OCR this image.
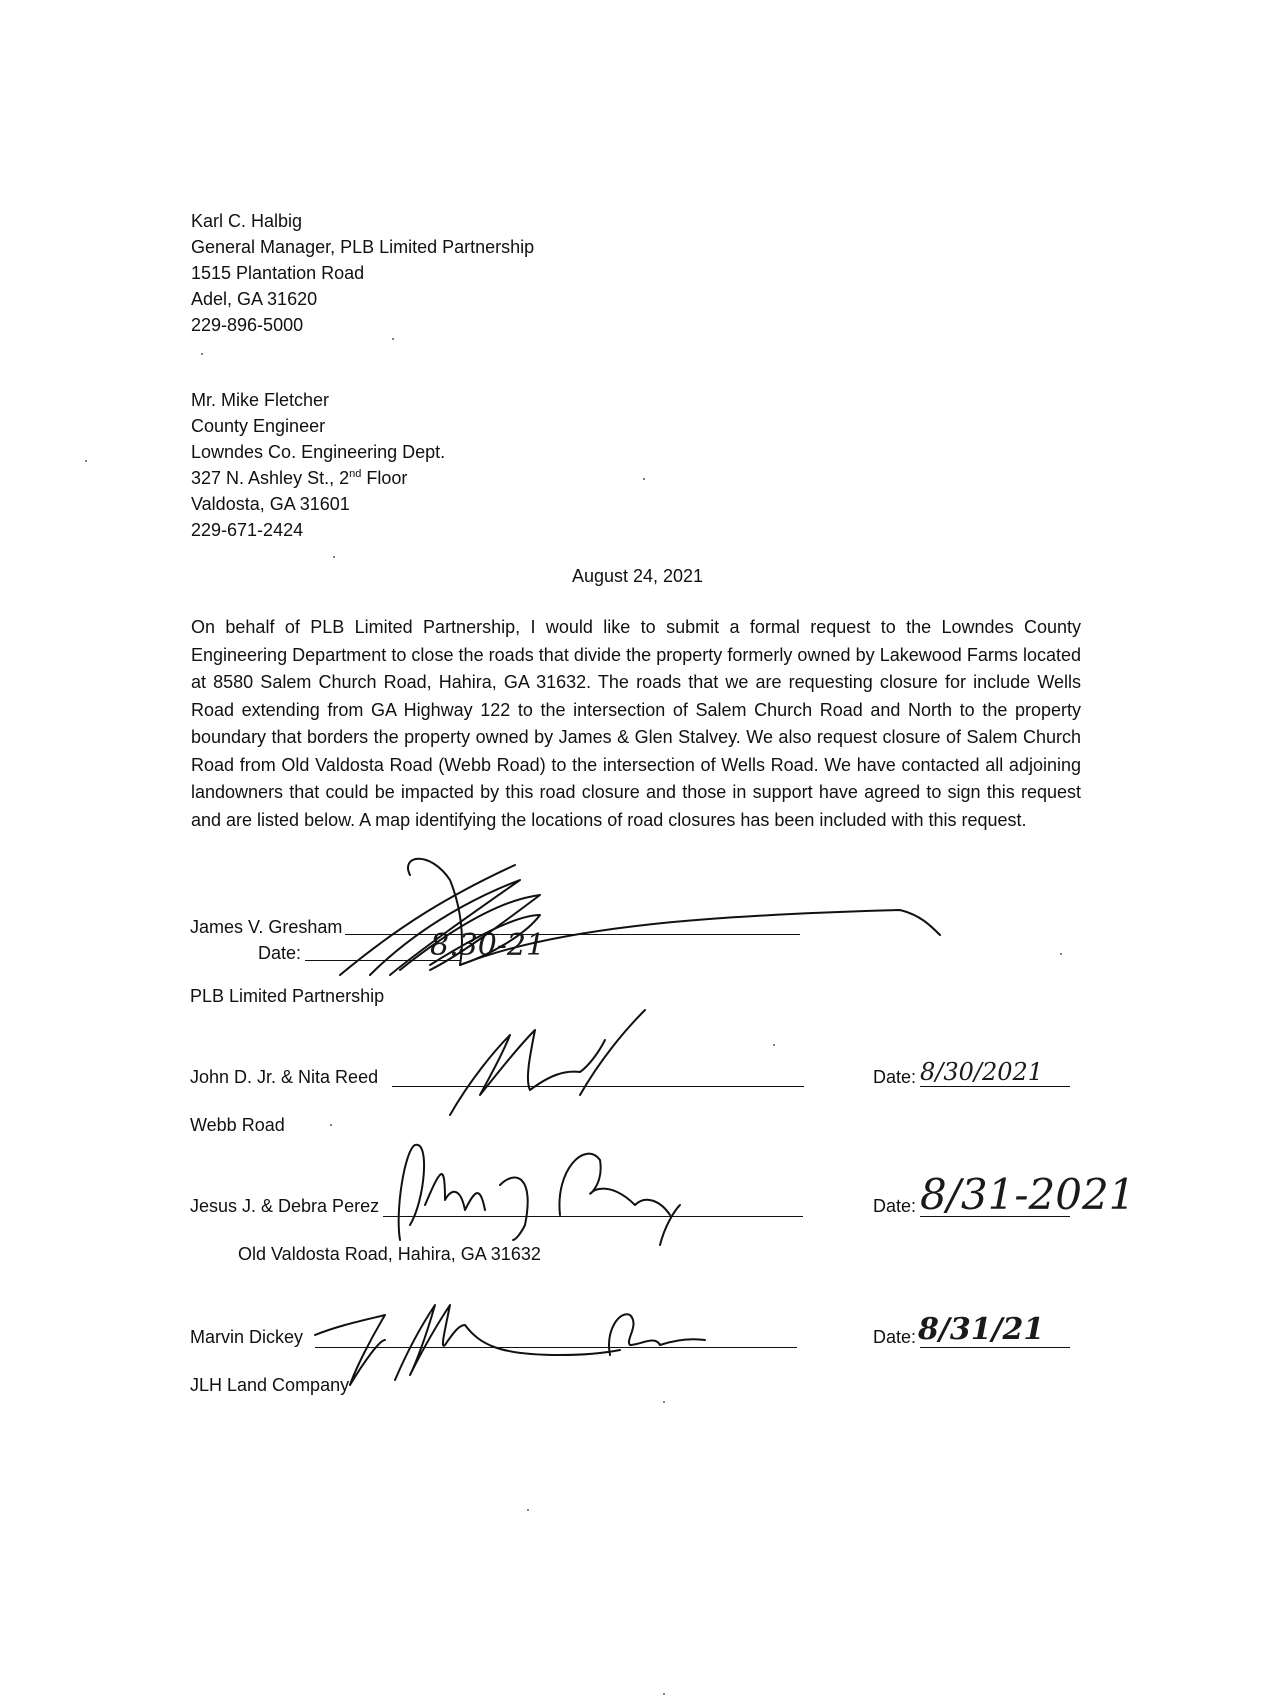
Karl C. Halbig
General Manager, PLB Limited Partnership
1515 Plantation Road
Adel, GA 31620
229-896-5000
Mr. Mike Fletcher
County Engineer
Lowndes Co. Engineering Dept.
327 N. Ashley St., 2nd Floor
Valdosta, GA 31601
229-671-2424
August 24, 2021
On behalf of PLB Limited Partnership, I would like to submit a formal request to the Lowndes County Engineering Department to close the roads that divide the property formerly owned by Lakewood Farms located at 8580 Salem Church Road, Hahira, GA 31632. The roads that we are requesting closure for include Wells Road extending from GA Highway 122 to the intersection of Salem Church Road and North to the property boundary that borders the property owned by James & Glen Stalvey. We also request closure of Salem Church Road from Old Valdosta Road (Webb Road) to the intersection of Wells Road. We have contacted all adjoining landowners that could be impacted by this road closure and those in support have agreed to sign this request and are listed below. A map identifying the locations of road closures has been included with this request.
James V. Gresham
Date:	8.30-21
PLB Limited Partnership
John D. Jr. & Nita Reed	Date: 8/30/2021
Webb Road
Jesus J. & Debra Perez	Date: 8/31-2021
Old Valdosta Road, Hahira, GA 31632
Marvin Dickey	Date: 8/31/21
JLH Land Company
